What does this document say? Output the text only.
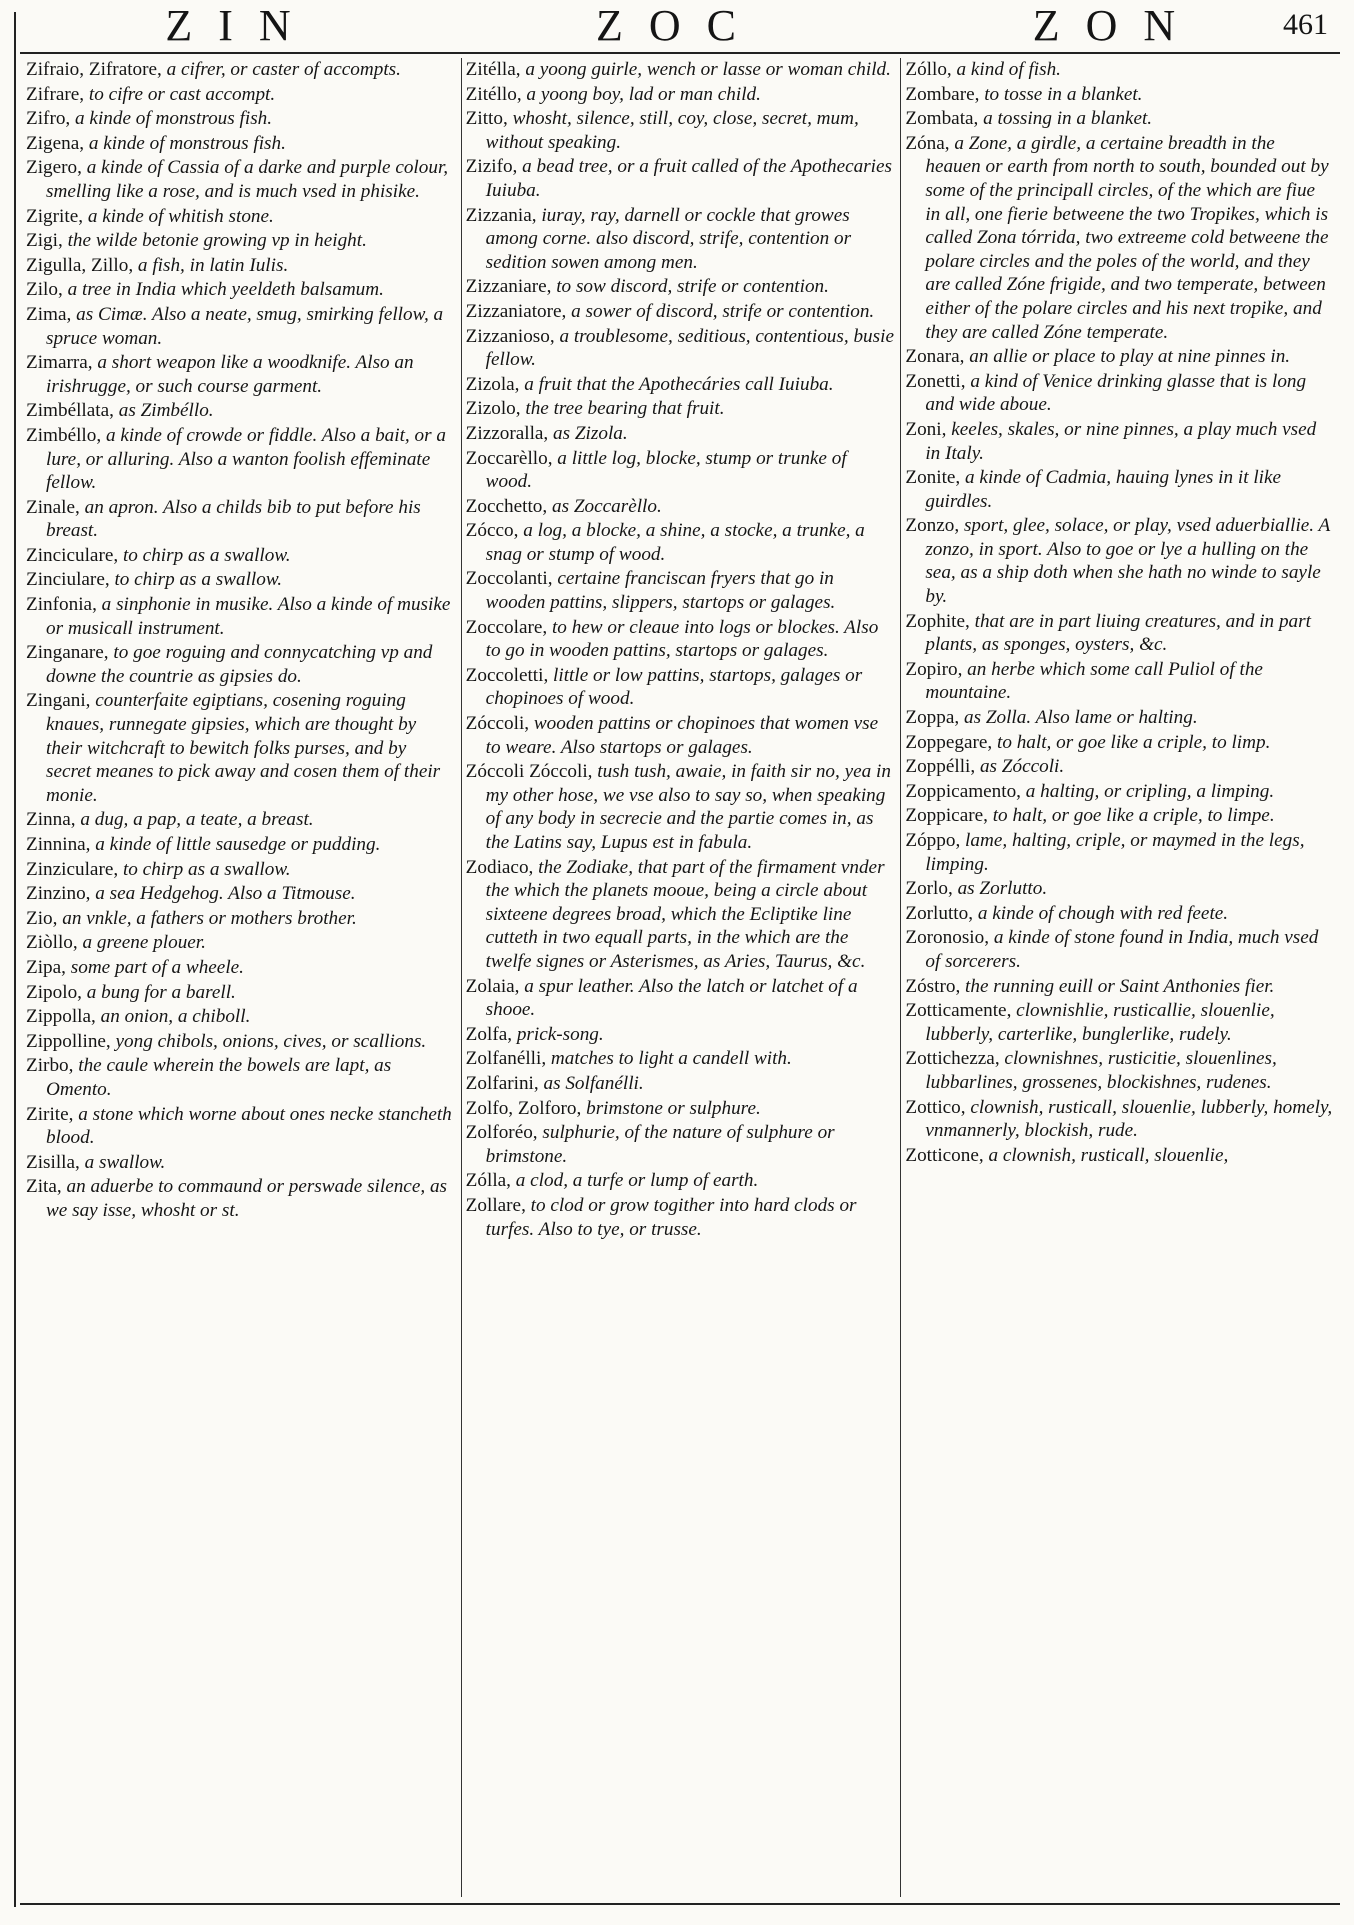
ZIN	ZOC	ZON	461
Zifraio, Zifratore, a cifrer, or caster of accompts.
Zifrare, to cifre or cast accompt.
Zifro, a kinde of monstrous fish.
Zigena, a kinde of monstrous fish.
Zigero, a kinde of Cassia of a darke and purple colour, smelling like a rose, and is much vsed in phisike.
Zigrite, a kinde of whitish stone.
Zigi, the wilde betonie growing vp in height.
Zigulla, Zillo, a fish, in latin Iulis.
Zilo, a tree in India which yeeldeth balsamum.
Zima, as Cimæ. Also a neate, smug, smirking fellow, a spruce woman.
Zimarra, a short weapon like a woodknife. Also an irishrugge, or such course garment.
Zimbéllata, as Zimbéllo.
Zimbéllo, a kinde of crowde or fiddle. Also a bait, or a lure, or alluring. Also a wanton foolish effeminate fellow.
Zinale, an apron. Also a childs bib to put before his breast.
Zinciculare, to chirp as a swallow.
Zinciulare, to chirp as a swallow.
Zinfonia, a sinphonie in musike. Also a kinde of musike or musicall instrument.
Zinganare, to goe roguing and connycatching vp and downe the countrie as gipsies do.
Zingani, counterfaite egiptians, cosening roguing knaues, runnegate gipsies, which are thought by their witchcraft to bewitch folks purses, and by secret meanes to pick away and cosen them of their monie.
Zinna, a dug, a pap, a teate, a breast.
Zinnina, a kinde of little sausedge or pudding.
Zinziculare, to chirp as a swallow.
Zinzino, a sea Hedgehog. Also a Titmouse.
Zio, an vnkle, a fathers or mothers brother.
Ziòllo, a greene plouer.
Zipa, some part of a wheele.
Zipolo, a bung for a barell.
Zippolla, an onion, a chiboll.
Zippolline, yong chibols, onions, cives, or scallions.
Zirbo, the caule wherein the bowels are lapt, as Omento.
Zirite, a stone which worne about ones necke stancheth blood.
Zisilla, a swallow.
Zita, an aduerbe to commaund or perswade silence, as we say isse, whosht or st.
Zitélla, a yoong guirle, wench or lasse or woman child.
Zitéllo, a yoong boy, lad or man child.
Zitto, whosht, silence, still, coy, close, secret, mum, without speaking.
Zizifo, a bead tree, or a fruit called of the Apothecaries Iuiuba.
Zizzania, iuray, ray, darnell or cockle that growes among corne. also discord, strife, contention or sedition sowen among men.
Zizzaniare, to sow discord, strife or contention.
Zizzaniatore, a sower of discord, strife or contention.
Zizzanioso, a troublesome, seditious, contentious, busie fellow.
Zizola, a fruit that the Apothecáries call Iuiuba.
Zizolo, the tree bearing that fruit.
Zizzoralla, as Zizola.
Zoccarèllo, a little log, blocke, stump or trunke of wood.
Zocchetto, as Zoccarèllo.
Zócco, a log, a blocke, a shine, a stocke, a trunke, a snag or stump of wood.
Zoccolanti, certaine franciscan fryers that go in wooden pattins, slippers, startops or galages.
Zoccolare, to hew or cleaue into logs or blockes. Also to go in wooden pattins, startops or galages.
Zoccoletti, little or low pattins, startops, galages or chopinoes of wood.
Zóccoli, wooden pattins or chopinoes that women vse to weare. Also startops or galages.
Zóccoli Zóccoli, tush tush, awaie, in faith sir no, yea in my other hose, we vse also to say so, when speaking of any body in secrecie and the partie comes in, as the Latins say, Lupus est in fabula.
Zodiaco, the Zodiake, that part of the firmament vnder the which the planets mooue, being a circle about sixteene degrees broad, which the Ecliptike line cutteth in two equall parts, in the which are the twelfe signes or Asterismes, as Aries, Taurus, &c.
Zolaia, a spur leather. Also the latch or latchet of a shooe.
Zolfa, prick-song.
Zolfanélli, matches to light a candell with.
Zolfarini, as Solfanélli.
Zolfo, Zolforo, brimstone or sulphure.
Zolforéo, sulphurie, of the nature of sulphure or brimstone.
Zólla, a clod, a turfe or lump of earth.
Zollare, to clod or grow togither into hard clods or turfes. Also to tye, or trusse.
Zóllo, a kind of fish.
Zombare, to tosse in a blanket.
Zombata, a tossing in a blanket.
Zóna, a Zone, a girdle, a certaine breadth in the heauen or earth from north to south, bounded out by some of the principall circles, of the which are fiue in all, one fierie betweene the two Tropikes, which is called Zona tórrida, two extreeme cold betweene the polare circles and the poles of the world, and they are called Zóne frigide, and two temperate, between either of the polare circles and his next tropike, and they are called Zóne temperate.
Zonara, an allie or place to play at nine pinnes in.
Zonetti, a kind of Venice drinking glasse that is long and wide aboue.
Zoni, keeles, skales, or nine pinnes, a play much vsed in Italy.
Zonite, a kinde of Cadmia, hauing lynes in it like guirdles.
Zonzo, sport, glee, solace, or play, vsed aduerbiallie. A zonzo, in sport. Also to goe or lye a hulling on the sea, as a ship doth when she hath no winde to sayle by.
Zophite, that are in part liuing creatures, and in part plants, as sponges, oysters, &c.
Zopiro, an herbe which some call Puliol of the mountaine.
Zoppa, as Zolla. Also lame or halting.
Zoppegare, to halt, or goe like a criple, to limp.
Zoppélli, as Zóccoli.
Zoppicamento, a halting, or cripling, a limping.
Zoppicare, to halt, or goe like a criple, to limpe.
Zóppo, lame, halting, criple, or maymed in the legs, limping.
Zorlo, as Zorlutto.
Zorlutto, a kinde of chough with red feete.
Zoronosio, a kinde of stone found in India, much vsed of sorcerers.
Zóstro, the running euill or Saint Anthonies fier.
Zotticamente, clownishlie, rusticallie, slouenlie, lubberly, carterlike, bunglerlike, rudely.
Zottichezza, clownishnes, rusticitie, slouenlines, lubbarlines, grossenes, blockishnes, rudenes.
Zottico, clownish, rusticall, slouenlie, lubberly, homely, vnmannerly, blockish, rude.
Zotticone, a clownish, rusticall, slouenlie,
